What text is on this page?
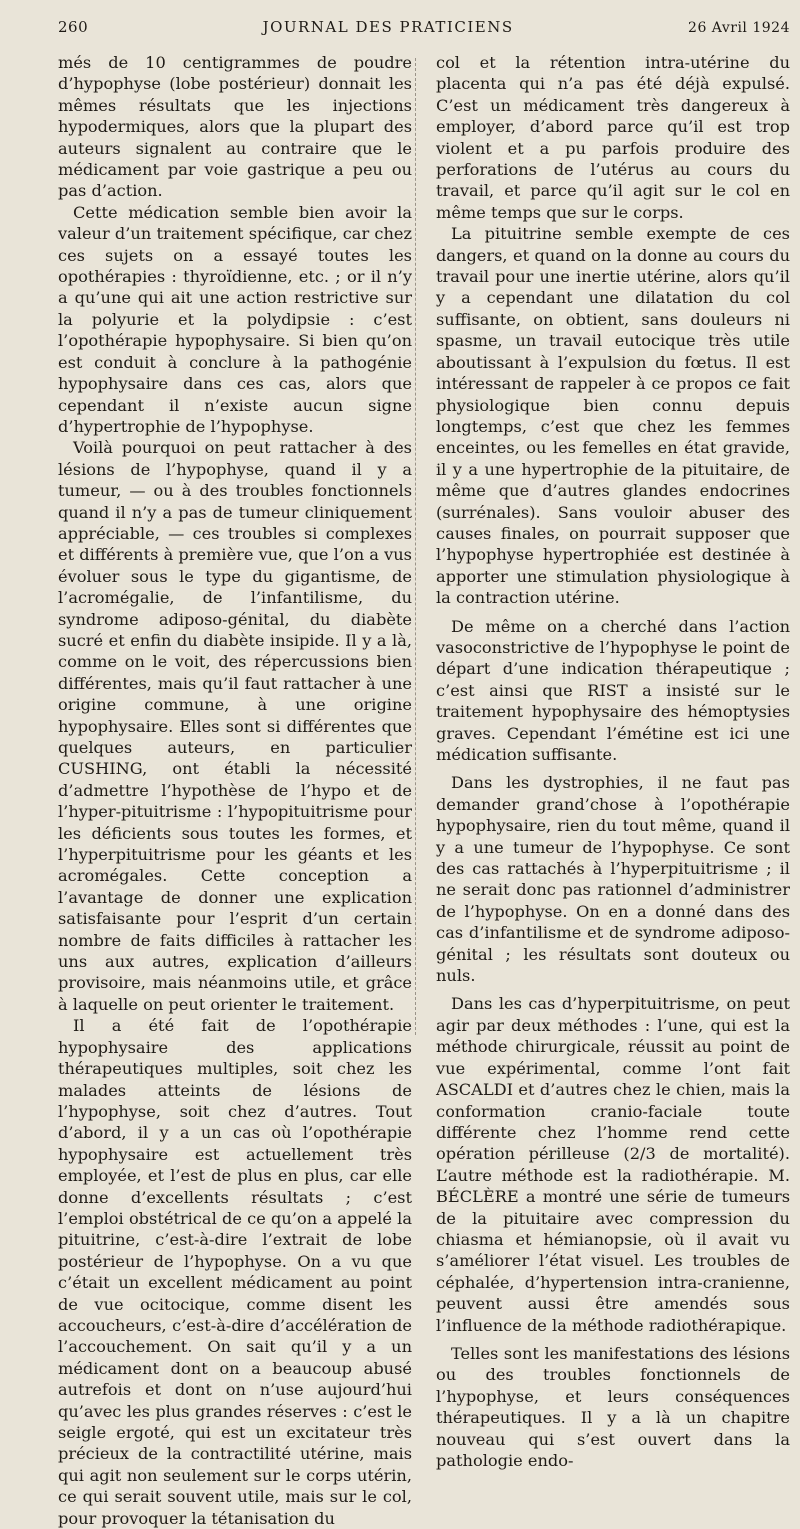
260	JOURNAL DES PRATICIENS	26 Avril 1924

més de 10 centigrammes de poudre d’hypophyse (lobe postérieur) donnait les mêmes résultats que les injections hypodermiques, alors que la plupart des auteurs signalent au contraire que le médicament par voie gastrique a peu ou pas d’action.

Cette médication semble bien avoir la valeur d’un traitement spécifique, car chez ces sujets on a essayé toutes les opothérapies : thyroïdienne, etc. ; or il n’y a qu’une qui ait une action restrictive sur la polyurie et la polydipsie : c’est l’opothérapie hypophysaire. Si bien qu’on est conduit à conclure à la pathogénie hypophysaire dans ces cas, alors que cependant il n’existe aucun signe d’hypertrophie de l’hypophyse.

Voilà pourquoi on peut rattacher à des lésions de l’hypophyse, quand il y a tumeur, — ou à des troubles fonctionnels quand il n’y a pas de tumeur cliniquement appréciable, — ces troubles si complexes et différents à première vue, que l’on a vus évoluer sous le type du gigantisme, de l’acromégalie, de l’infantilisme, du syndrome adiposo-génital, du diabète sucré et enfin du diabète insipide. Il y a là, comme on le voit, des répercussions bien différentes, mais qu’il faut rattacher à une origine commune, à une origine hypophysaire. Elles sont si différentes que quelques auteurs, en particulier CUSHING, ont établi la nécessité d’admettre l’hypothèse de l’hypo et de l’hyper-pituitrisme : l’hypopituitrisme pour les déficients sous toutes les formes, et l’hyperpituitrisme pour les géants et les acromégales. Cette conception a l’avantage de donner une explication satisfaisante pour l’esprit d’un certain nombre de faits difficiles à rattacher les uns aux autres, explication d’ailleurs provisoire, mais néanmoins utile, et grâce à laquelle on peut orienter le traitement.

Il a été fait de l’opothérapie hypophysaire des applications thérapeutiques multiples, soit chez les malades atteints de lésions de l’hypophyse, soit chez d’autres. Tout d’abord, il y a un cas où l’opothérapie hypophysaire est actuellement très employée, et l’est de plus en plus, car elle donne d’excellents résultats ; c’est l’emploi obstétrical de ce qu’on a appelé la pituitrine, c’est-à-dire l’extrait de lobe postérieur de l’hypophyse. On a vu que c’était un excellent médicament au point de vue ocitocique, comme disent les accoucheurs, c’est-à-dire d’accélération de l’accouchement. On sait qu’il y a un médicament dont on a beaucoup abusé autrefois et dont on n’use aujourd’hui qu’avec les plus grandes réserves : c’est le seigle ergoté, qui est un excitateur très précieux de la contractilité utérine, mais qui agit non seulement sur le corps utérin, ce qui serait souvent utile, mais sur le col, pour provoquer la tétanisation du

col et la rétention intra-utérine du placenta qui n’a pas été déjà expulsé. C’est un médicament très dangereux à employer, d’abord parce qu’il est trop violent et a pu parfois produire des perforations de l’utérus au cours du travail, et parce qu’il agit sur le col en même temps que sur le corps.

La pituitrine semble exempte de ces dangers, et quand on la donne au cours du travail pour une inertie utérine, alors qu’il y a cependant une dilatation du col suffisante, on obtient, sans douleurs ni spasme, un travail eutocique très utile aboutissant à l’expulsion du fœtus. Il est intéressant de rappeler à ce propos ce fait physiologique bien connu depuis longtemps, c’est que chez les femmes enceintes, ou les femelles en état gravide, il y a une hypertrophie de la pituitaire, de même que d’autres glandes endocrines (surrénales). Sans vouloir abuser des causes finales, on pourrait supposer que l’hypophyse hypertrophiée est destinée à apporter une stimulation physiologique à la contraction utérine.

De même on a cherché dans l’action vasoconstrictive de l’hypophyse le point de départ d’une indication thérapeutique ; c’est ainsi que RIST a insisté sur le traitement hypophysaire des hémoptysies graves. Cependant l’émétine est ici une médication suffisante.

Dans les dystrophies, il ne faut pas demander grand’chose à l’opothérapie hypophysaire, rien du tout même, quand il y a une tumeur de l’hypophyse. Ce sont des cas rattachés à l’hyperpituitrisme ; il ne serait donc pas rationnel d’administrer de l’hypophyse. On en a donné dans des cas d’infantilisme et de syndrome adiposo-génital ; les résultats sont douteux ou nuls.

Dans les cas d’hyperpituitrisme, on peut agir par deux méthodes : l’une, qui est la méthode chirurgicale, réussit au point de vue expérimental, comme l’ont fait ASCALDI et d’autres chez le chien, mais la conformation cranio-faciale toute différente chez l’homme rend cette opération périlleuse (2/3 de mortalité). L’autre méthode est la radiothérapie. M. BÉCLÈRE a montré une série de tumeurs de la pituitaire avec compression du chiasma et hémianopsie, où il avait vu s’améliorer l’état visuel. Les troubles de céphalée, d’hypertension intra-cranienne, peuvent aussi être amendés sous l’influence de la méthode radiothérapique.

Telles sont les manifestations des lésions ou des troubles fonctionnels de l’hypophyse, et leurs conséquences thérapeutiques. Il y a là un chapitre nouveau qui s’est ouvert dans la pathologie endo-
